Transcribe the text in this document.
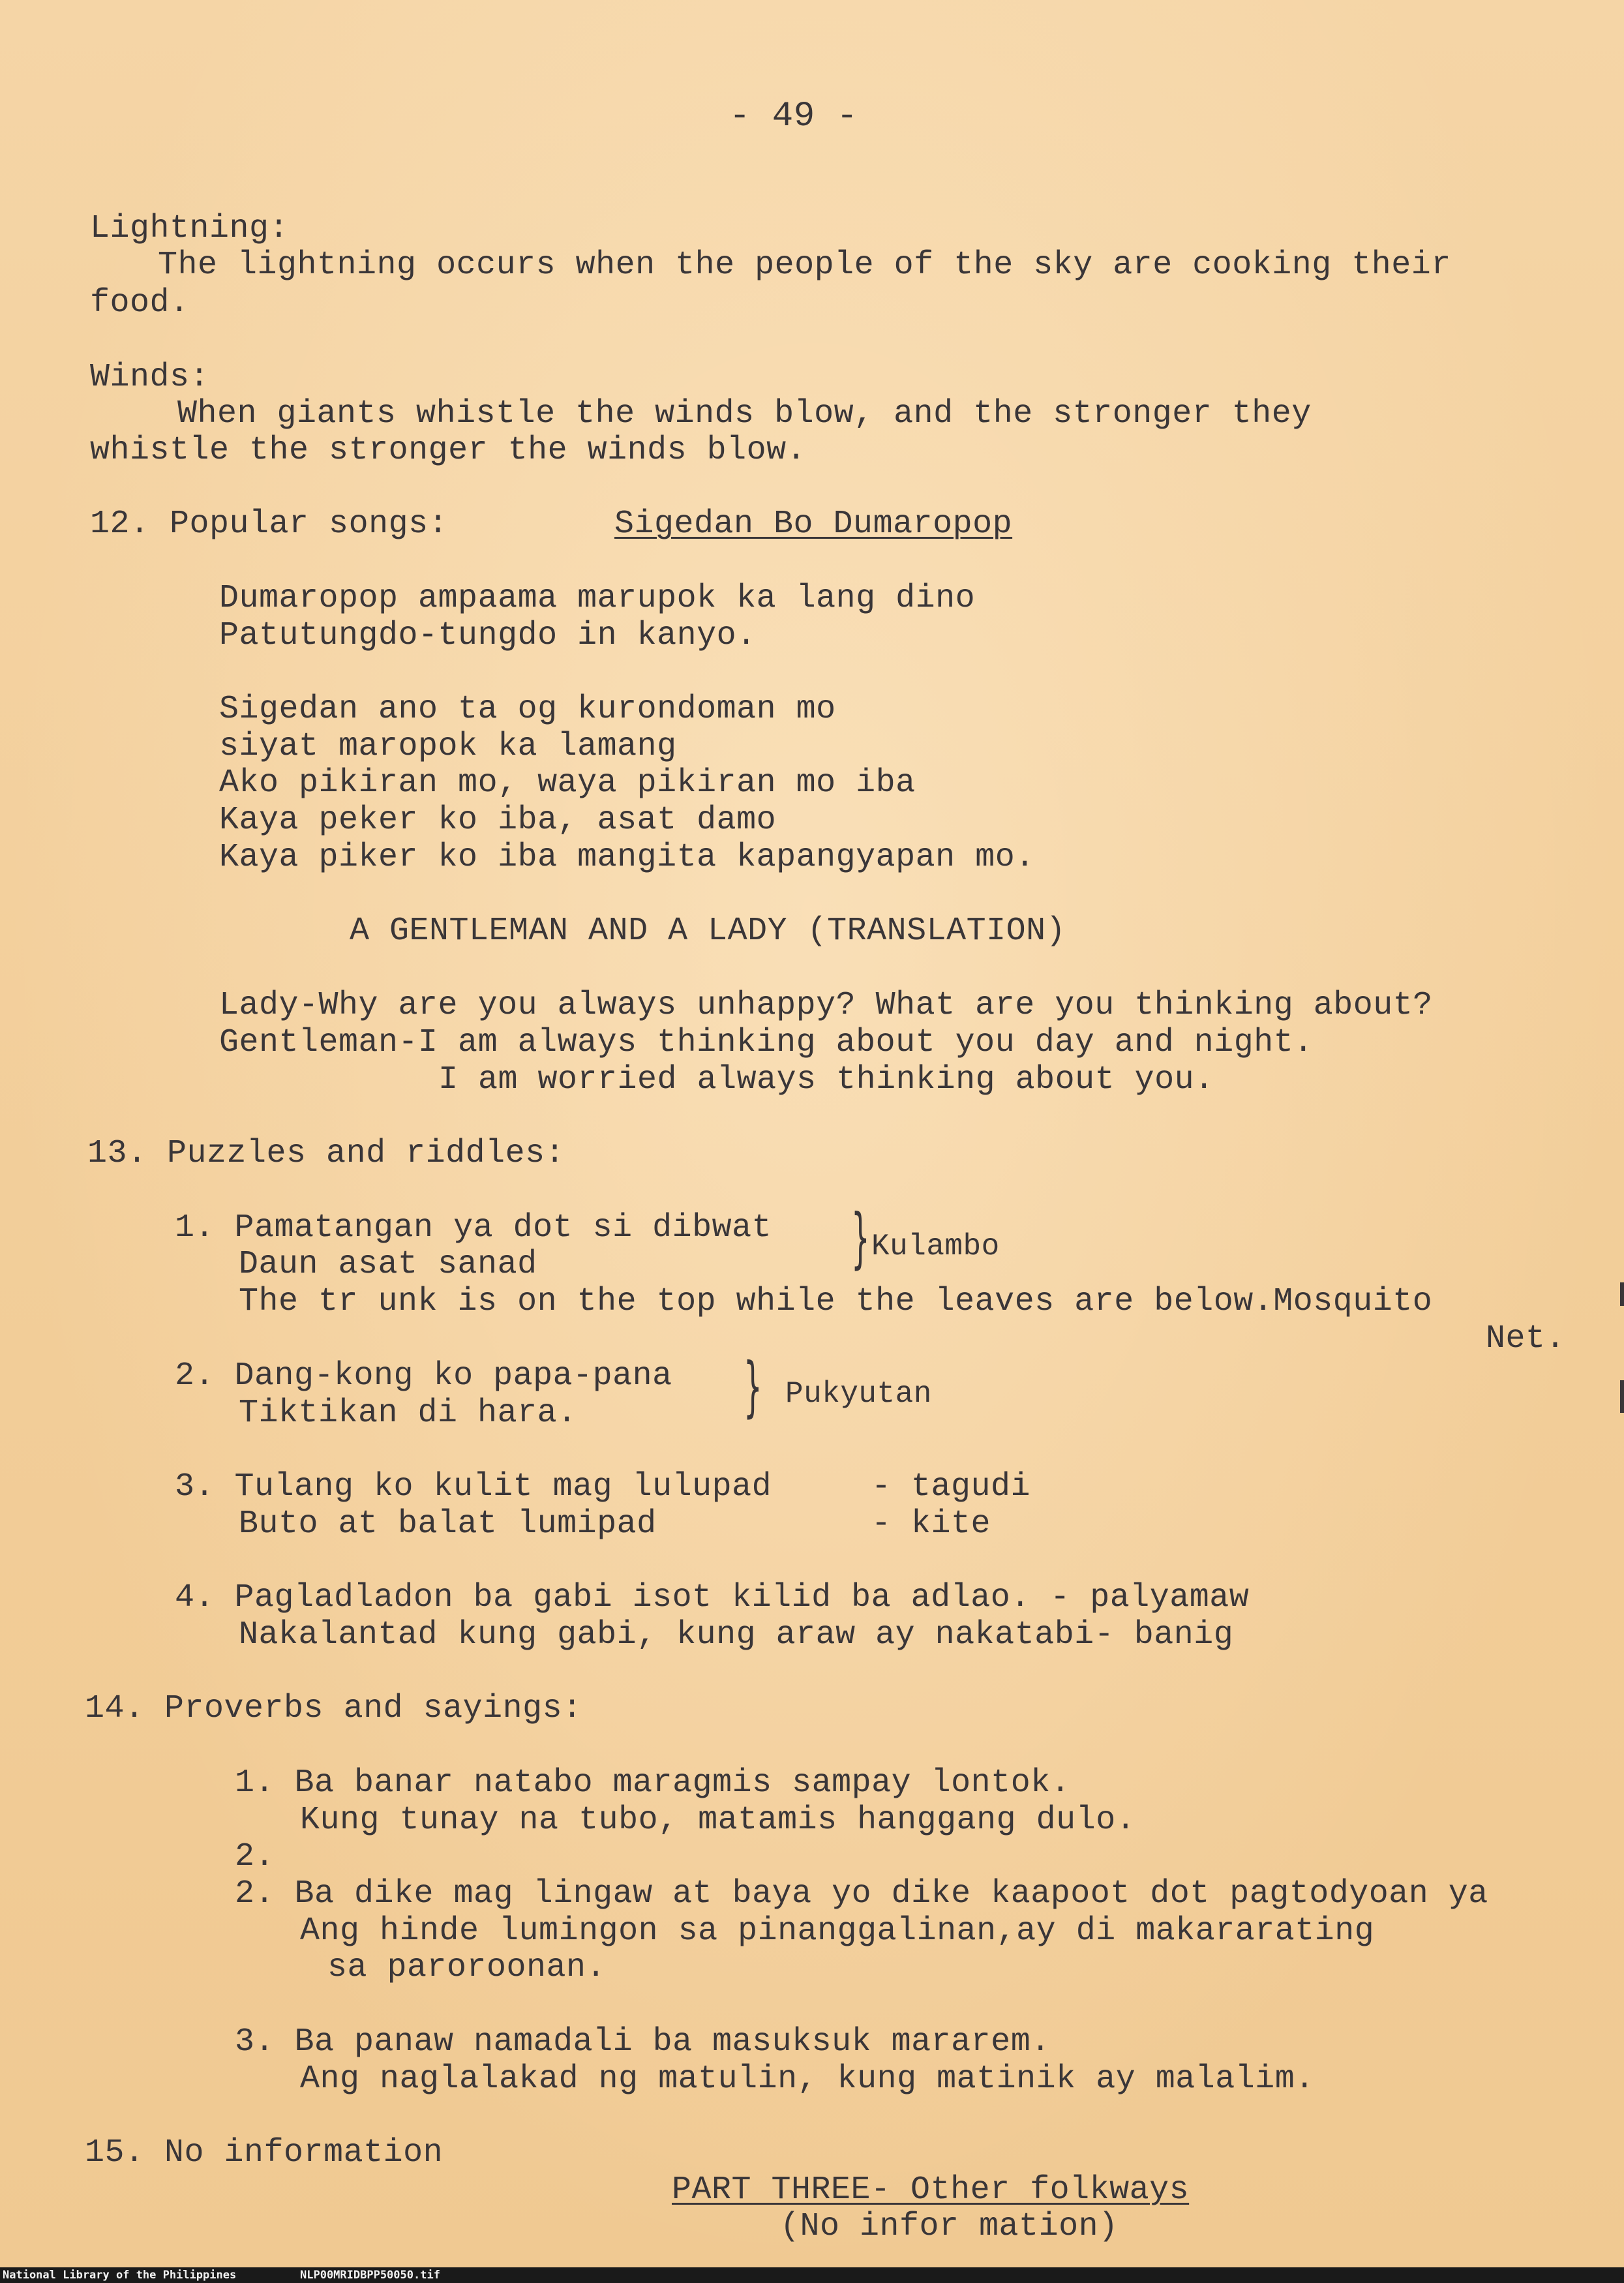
- 49 -
Lightning:
The lightning occurs when the people of the sky are cooking their
food.
Winds:
When giants whistle the winds blow, and the stronger they
whistle the stronger the winds blow.
12. Popular songs:	Sigedan Bo Dumaropop
Dumaropop ampaama marupok ka lang dino
Patutungdo-tungdo in kanyo.
Sigedan ano ta og kurondoman mo
siyat maropok ka lamang
Ako pikiran mo, waya pikiran mo iba
Kaya peker ko iba, asat damo
Kaya piker ko iba mangita kapangyapan mo.
A GENTLEMAN AND A LADY (TRANSLATION)
Lady-Why are you always unhappy? What are you thinking about?
Gentleman-I am always thinking about you day and night.
I am worried always thinking about you.
13. Puzzles and riddles:
1. Pamatangan ya dot si dibwat
Daun asat sanad	} Kulambo
The tr unk is on the top while the leaves are below.Mosquito
Net.
2. Dang-kong ko papa-pana
Tiktikan di hara.	} Pukyutan
3. Tulang ko kulit mag lulupad	- tagudi
Buto at balat lumipad	- kite
4. Pagladladon ba gabi isot kilid ba adlao. - palyamaw
Nakalantad kung gabi, kung araw ay nakatabi- banig
14. Proverbs and sayings:
1. Ba banar natabo maragmis sampay lontok.
Kung tunay na tubo, matamis hanggang dulo.
2.
2. Ba dike mag lingaw at baya yo dike kaapoot dot pagtodyoan ya
Ang hinde lumingon sa pinanggalinan,ay di makararating
sa paroroonan.
3. Ba panaw namadali ba masuksuk mararem.
Ang naglalakad ng matulin, kung matinik ay malalim.
15. No information
PART THREE- Other folkways
(No infor mation)
National Library of the Philippines	NLP00MRIDBPP50050.tif
